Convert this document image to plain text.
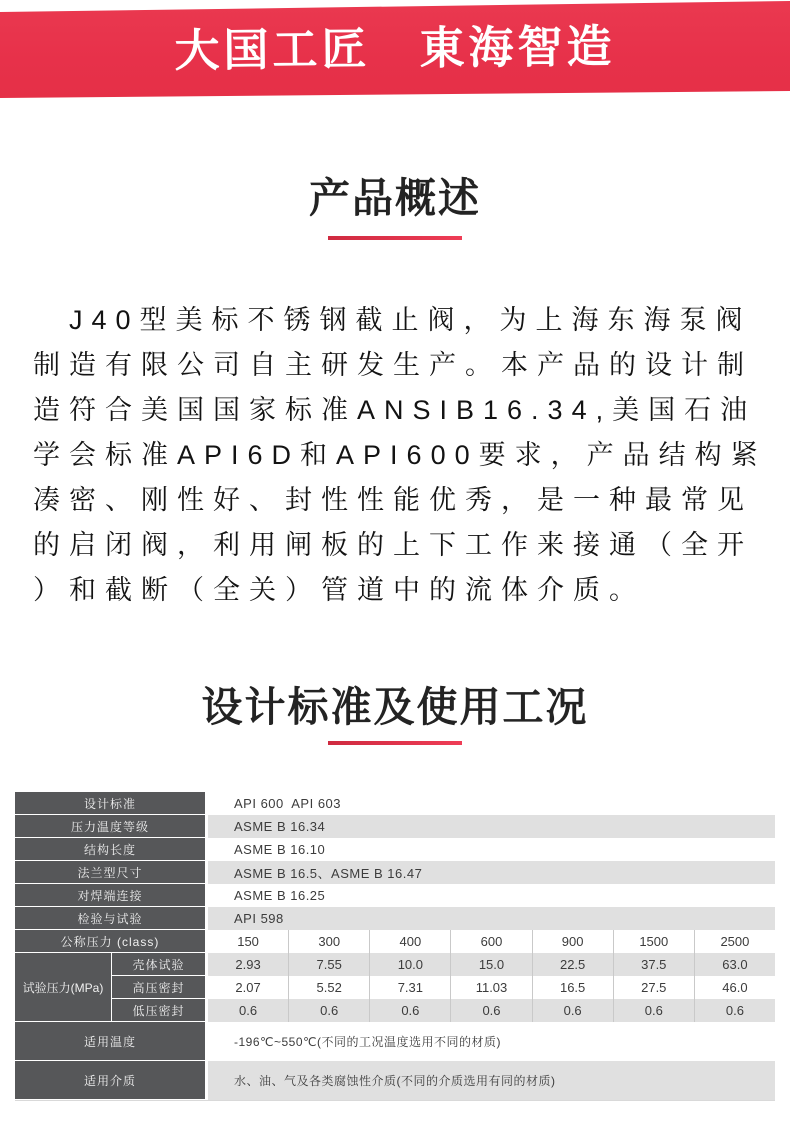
大国工匠　東海智造
产品概述
J40型美标不锈钢截止阀，为上海东海泵阀
制造有限公司自主研发生产。本产品的设计制
造符合美国国家标准ANSIB16.34,美国石油
学会标准API6D和API600要求，产品结构紧
凑密、刚性好、封性性能优秀，是一种最常见
的启闭阀，利用闸板的上下工作来接通（全开
）和截断（全关）管道中的流体介质。
设计标准及使用工况
设计标准	API 600  API 603
压力温度等级	ASME B 16.34
结构长度	ASME B 16.10
法兰型尺寸	ASME B 16.5、ASME B 16.47
对焊端连接	ASME B 16.25
检验与试验	API 598
公称压力 (class)	150	300	400	600	900	1500	2500
试验压力(MPa)
壳体试验	2.93	7.55	10.0	15.0	22.5	37.5	63.0
高压密封	2.07	5.52	7.31	11.03	16.5	27.5	46.0
低压密封	0.6	0.6	0.6	0.6	0.6	0.6	0.6
适用温度	-196℃~550℃(不同的工况温度选用不同的材质)
适用介质	水、油、气及各类腐蚀性介质(不同的介质选用有同的材质)
